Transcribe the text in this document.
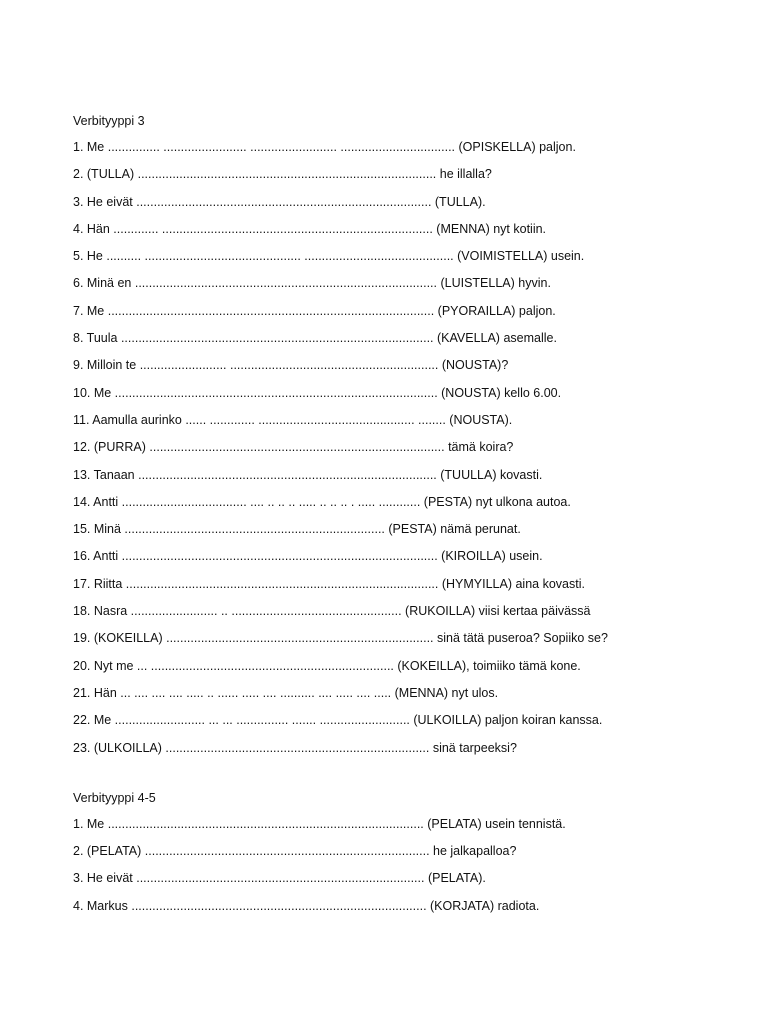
Verbityyppi 3

1. Me ............... ........................ ......................... ................................. (OPISKELLA) paljon.

2. (TULLA) ...................................................................................... he illalla?

3. He eivät ..................................................................................... (TULLA).

4. Hän ............. .............................................................................. (MENNA) nyt kotiin.

5. He .......... ............................................. ........................................... (VOIMISTELLA) usein.

6. Minä en ....................................................................................... (LUISTELLA) hyvin.

7. Me .............................................................................................. (PYORAILLA) paljon.

8. Tuula .......................................................................................... (KAVELLA) asemalle.

9. Milloin te ......................... ............................................................ (NOUSTA)?

10. Me ............................................................................................. (NOUSTA) kello 6.00.

11. Aamulla aurinko ...... ............. ............................................. ........ (NOUSTA).

12. (PURRA) ..................................................................................... tämä koira?

13. Tanaan ...................................................................................... (TUULLA) kovasti.

14. Antti .................................... .... .. .. .. ..... .. .. .. . ..... ............ (PESTA) nyt ulkona autoa.

15. Minä ........................................................................... (PESTA) nämä perunat.

16. Antti ........................................................................................... (KIROILLA) usein.

17. Riitta .......................................................................................... (HYMYILLA) aina kovasti.

18. Nasra ......................... .. ................................................. (RUKOILLA) viisi kertaa päivässä

19. (KOKEILLA) ............................................................................. sinä tätä puseroa? Sopiiko se?

20. Nyt me ... ...................................................................... (KOKEILLA), toimiiko tämä kone.

21. Hän ... .... .... .... ..... .. ...... ..... .... .......... .... ..... .... ..... (MENNA) nyt ulos.

22. Me .......................... ... ... ............... ....... .......................... (ULKOILLA) paljon koiran kanssa.

23. (ULKOILLA) ............................................................................ sinä tarpeeksi?

Verbityyppi 4-5

1. Me ........................................................................................... (PELATA) usein tennistä.

2. (PELATA) .................................................................................. he jalkapalloa?

3. He eivät ................................................................................... (PELATA).

4. Markus ..................................................................................... (KORJATA) radiota.
